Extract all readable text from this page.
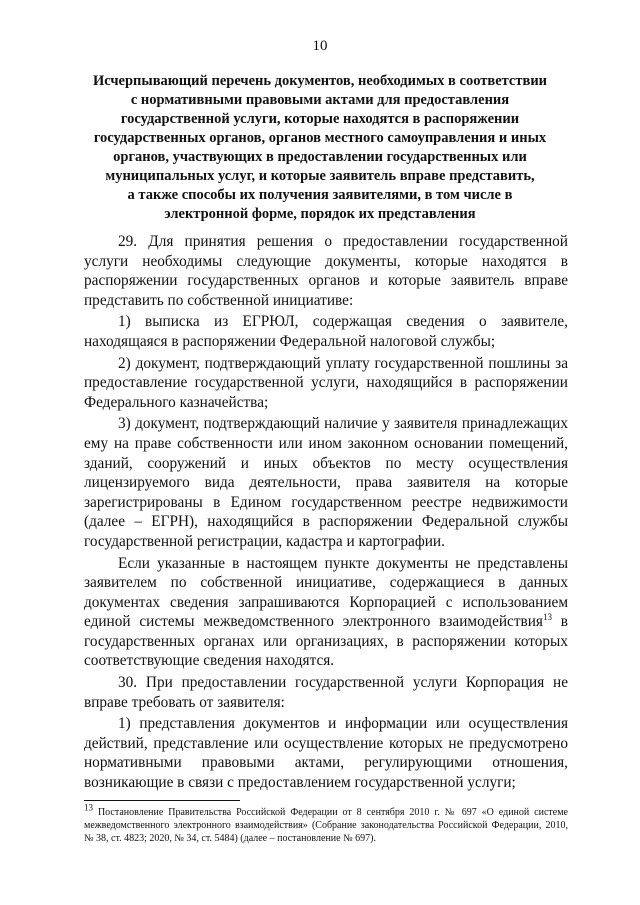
10
Исчерпывающий перечень документов, необходимых в соответствии
с нормативными правовыми актами для предоставления
государственной услуги, которые находятся в распоряжении
государственных органов, органов местного самоуправления и иных
органов, участвующих в предоставлении государственных или
муниципальных услуг, и которые заявитель вправе представить,
а также способы их получения заявителями, в том числе в
электронной форме, порядок их представления

29. Для принятия решения о предоставлении государственной услуги необходимы следующие документы, которые находятся в распоряжении государственных органов и которые заявитель вправе представить по собственной инициативе:

1) выписка из ЕГРЮЛ, содержащая сведения о заявителе, находящаяся в распоряжении Федеральной налоговой службы;

2) документ, подтверждающий уплату государственной пошлины за предоставление государственной услуги, находящийся в распоряжении Федерального казначейства;

3) документ, подтверждающий наличие у заявителя принадлежащих ему на праве собственности или ином законном основании помещений, зданий, сооружений и иных объектов по месту осуществления лицензируемого вида деятельности, права заявителя на которые зарегистрированы в Едином государственном реестре недвижимости (далее – ЕГРН), находящийся в распоряжении Федеральной службы государственной регистрации, кадастра и картографии.

Если указанные в настоящем пункте документы не представлены заявителем по собственной инициативе, содержащиеся в данных документах сведения запрашиваются Корпорацией с использованием единой системы межведомственного электронного взаимодействия$^{13}$ в государственных органах или организациях, в распоряжении которых соответствующие сведения находятся.

30. При предоставлении государственной услуги Корпорация не вправе требовать от заявителя:

1) представления документов и информации или осуществления действий, представление или осуществление которых не предусмотрено нормативными правовыми актами, регулирующими отношения, возникающие в связи с предоставлением государственной услуги;

$^{13}$ Постановление Правительства Российской Федерации от 8 сентября 2010 г. № 697 «О единой системе межведомственного электронного взаимодействия» (Собрание законодательства Российской Федерации, 2010, № 38, ст. 4823; 2020, № 34, ст. 5484) (далее – постановление № 697).
